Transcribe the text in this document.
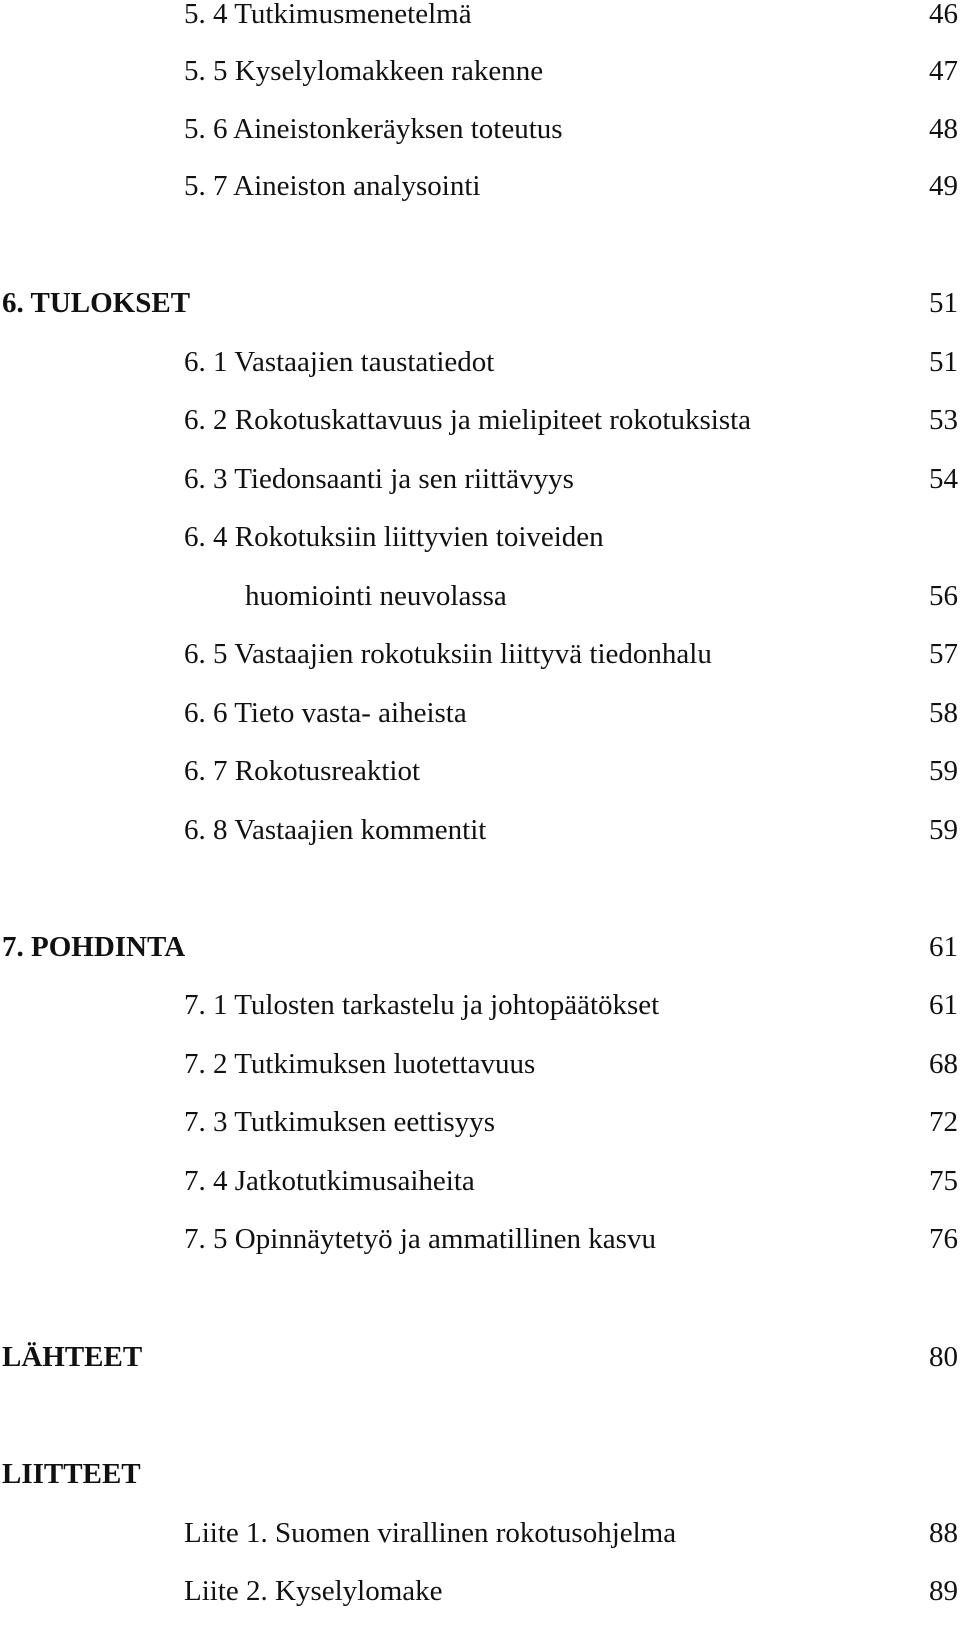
5. 4 Tutkimusmenetelmä	46
5. 5 Kyselylomakkeen rakenne	47
5. 6 Aineistonkeräyksen toteutus	48
5. 7 Aineiston analysointi	49
6. TULOKSET	51
6. 1 Vastaajien taustatiedot	51
6. 2 Rokotuskattavuus ja mielipiteet rokotuksista	53
6. 3 Tiedonsaanti ja sen riittävyys	54
6. 4 Rokotuksiin liittyvien toiveiden
huomiointi neuvolassa	56
6. 5 Vastaajien rokotuksiin liittyvä tiedonhalu	57
6. 6 Tieto vasta- aiheista	58
6. 7 Rokotusreaktiot	59
6. 8 Vastaajien kommentit	59
7. POHDINTA	61
7. 1 Tulosten tarkastelu ja johtopäätökset	61
7. 2 Tutkimuksen luotettavuus	68
7. 3 Tutkimuksen eettisyys	72
7. 4 Jatkotutkimusaiheita	75
7. 5 Opinnäytetyö ja ammatillinen kasvu	76
LÄHTEET	80
LIITTEET
Liite 1. Suomen virallinen rokotusohjelma	88
Liite 2. Kyselylomake	89
